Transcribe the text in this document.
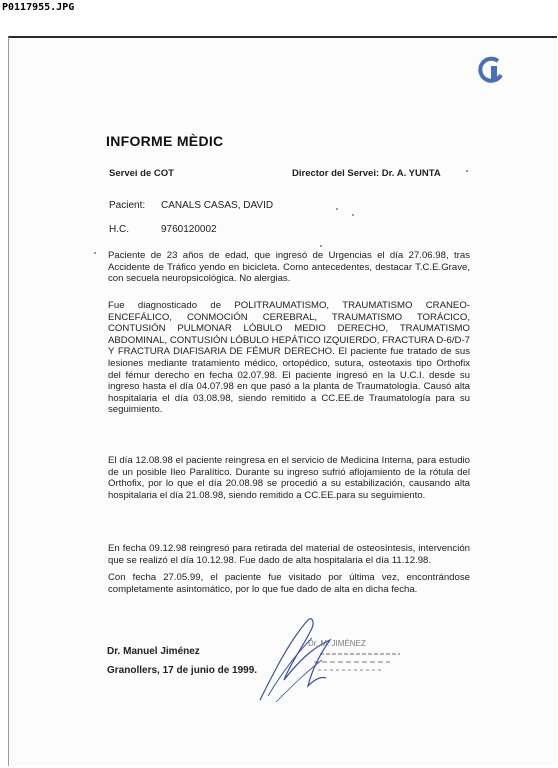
P0117955.JPG
INFORME MÈDIC
Servei de COT	Director del Servei: Dr. A. YUNTA
Pacient: CANALS CASAS, DAVID
H.C.	9760120002
Paciente de 23 años de edad, que ingresó de Urgencias el día 27.06.98, tras Accidente de Tráfico yendo en bicicleta. Como antecedentes, destacar T.C.E.Grave, con secuela neuropsicológica. No alergias.
Fue diagnosticado de POLITRAUMATISMO, TRAUMATISMO CRANEO-ENCEFÁLICO, CONMOCIÓN CEREBRAL, TRAUMATISMO TORÁCICO, CONTUSIÓN PULMONAR LÓBULO MEDIO DERECHO, TRAUMATISMO ABDOMINAL, CONTUSIÓN LÓBULO HEPÁTICO IZQUIERDO, FRACTURA D-6/D-7 Y FRACTURA DIAFISARIA DE FÉMUR DERECHO. El paciente fue tratado de sus lesiones mediante tratamiento médico, ortopédico, sutura, osteotaxis tipo Orthofix del fémur derecho en fecha 02.07.98. El paciente ingresó en la U.C.I. desde su ingreso hasta el día 04.07.98 en que pasó a la planta de Traumatología. Causó alta hospitalaria el día 03.08.98, siendo remitido a CC.EE.de Traumatología para su seguimiento.
El día 12.08.98 el paciente reingresa en el servicio de Medicina Interna, para estudio de un posible Ileo Paralítico. Durante su ingreso sufrió aflojamiento de la rótula del Orthofix, por lo que el día 20.08.98 se procedió a su estabilización, causando alta hospitalaria el día 21.08.98, siendo remitido a CC.EE.para su seguimiento.
En fecha 09.12.98 reingresó para retirada del material de osteosíntesis, intervención que se realizó el día 10.12.98. Fue dado de alta hospitalaria el día 11.12.98.
Con fecha 27.05.99, el paciente fue visitado por última vez, encontrándose completamente asintomático, por lo que fue dado de alta en dicha fecha.
Dr. M. JIMÉNEZ
Dr. Manuel Jiménez
Granollers, 17 de junio de 1999.
